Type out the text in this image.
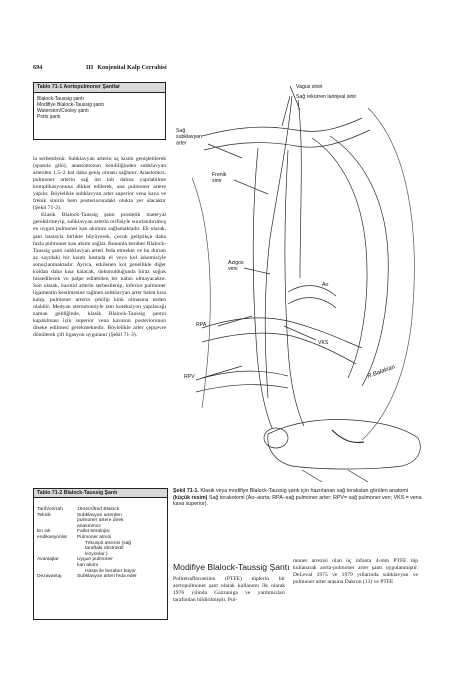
694	III Konjenital Kalp Cerrahisi
Tablo 71-1 Aortopulmoner Şantlar
Blalock-Taussig şantı
Modifiye Blalock-Taussig şantı
Waterston/Cooley şantı
Potts şantı

la serbestlenir. Subklavyan arterin uç kısmı genişletilerek (spatula gibi), anastomozun kendiliğinden subklavyan arterden 1.5–2 kat daha geniş olması sağlanır. Anastomoz, pulmoner arterin sağ üst lob dalına yapılabilme komplikasyonuna dikkat edilerek, ana pulmoner artere yapılır. Böylelikle subklavyan arter superior vena kava ve frenik sinirin hem posteriorundaki olukta yer alacaktır (Şekil 71-2).

Klasik Blalock-Taussig şantı prostetik materyal gerektirmeyip, subklavyan arterin orifisiyle sınırlandırılmış en uygun pulmoner kan akımını sağlamaktadır. Ek olarak, şant hastayla birlikte büyüyerek, çocuk geliştikçe daha fazla pulmoner kan akımı sağlar. Bununla beraber Blalock-Taussig şantı subklavyan arteri feda etmekte ve bu durum az sayıdaki bir kısım hastada el veya kol iskemisiyle sonuçlanmaktadır. Ayrıca, etkilenen kol genellikle diğer koldan daha kısa kalacak, dokunulduğunda biraz soğuk hissedilecek ve palpe edilebilen bir nabzı olmayacaktır. Son olarak, karotid arterin serbestlenip, inferior pulmoner ligamentin kesilmesine rağmen subklavyan arter halen kısa kalıp, pulmoner arterin çekilip kink olmasına neden olabilir. Medyan sternotomiyle tam koreksiyon yapılacağı zaman geldiğinde, klasik Blalock-Taussig şantın kapatılması için superior vena kavanın posteriorunun diseke edilmesi gerekmektedir. Böylelikle arter çepçevre dönülerek çift ligasyon uygulanır (Şekil 71-3).

Tablo 71-2 Blalock-Taussig Şantı
Tarih/cerrah	1944/Alfred Blalock
Teknik	Subklavyan arterden
pulmoner artere direk
anastomoz
En sık	Fallot tetralojisi
endikasyonlar	Pulmoner atrezi
Trikuspit atrezisi (sağ
taraftaki obstruktif
lezyonlar )
Avantajlar	Uygun pulmoner
kan akımı
Hasta ile beraber büyür
Dezavantaj	Subklavyan arteri feda eder
Vagus siniri
Sağ rekürren larinjeal sinir
Sağ subklavyan arter
Frenik sinir
Azigos veni
Ao
RPA
VKS
RPV	R.Balakian
Şekil 71-1. Klasik veya modifiye Blalock-Taussig şantı için hazırlanan sağ torakstan görülen anatomi (küçük resim) Sağ torakotomi (Ao–aorta; RPA–sağ pulmoner arter; RPV= sağ pulmoner ven; VKS = vena kava superior).
Modifiye Blalock-Taussig Şantı
Politetrafloroetilen (PTFE) tüplerin bir aortopulmoner şant olarak kullanımı ilk olarak 1976 yılında Gazzaniga ve yardımcıları tarafından bildirilmiştir. Pul-
moner atrezisi olan üç infanta 4-mm PTFE tüp kullanarak aorta-pulmoner arter şantı uygulanmıştır. DeLeval 1975 ve 1979 yıllarında subklavyan ve pulmoner arter arasına Dakron (13) ve PTFE
